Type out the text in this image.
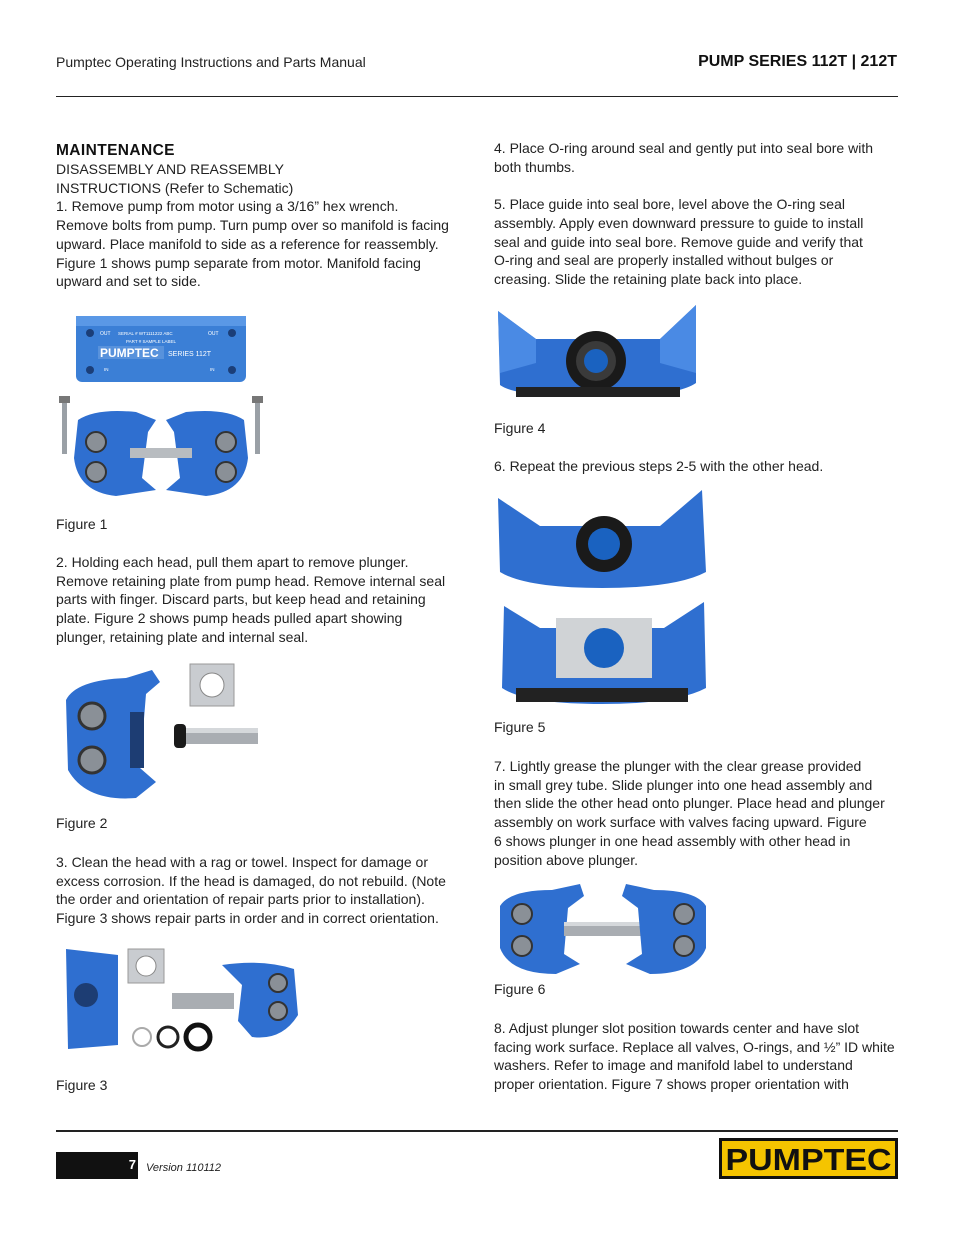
Pumptec Operating Instructions and Parts Manual	PUMP SERIES 112T | 212T

MAINTENANCE

DISASSEMBLY AND REASSEMBLY

INSTRUCTIONS (Refer to Schematic)

1. Remove pump from motor using a 3/16” hex wrench.

Remove bolts from pump. Turn pump over so manifold is facing

upward. Place manifold to side as a reference for reassembly.

Figure 1 shows pump separate from motor. Manifold facing

upward and set to side.

OUT SERIAL # WT1111222 ABC	OUT
PART # SAMPLE LABEL
PUMPTEC SERIES 112T
IN	IN
Figure 1

2. Holding each head, pull them apart to remove plunger.

Remove retaining plate from pump head. Remove internal seal

parts with finger. Discard parts, but keep head and retaining

plate. Figure 2 shows pump heads pulled apart showing

plunger, retaining plate and internal seal.

Figure 2

3. Clean the head with a rag or towel. Inspect for damage or

excess corrosion. If the head is damaged, do not rebuild. (Note

the order and orientation of repair parts prior to installation).

Figure 3 shows repair parts in order and in correct orientation.

Figure 3

4. Place O-ring around seal and gently put into seal bore with

both thumbs.

5. Place guide into seal bore, level above the O-ring seal

assembly. Apply even downward pressure to guide to install

seal and guide into seal bore. Remove guide and verify that

O-ring and seal are properly installed without bulges or

creasing. Slide the retaining plate back into place.

Figure 4

6. Repeat the previous steps 2-5 with the other head.

Figure 5

7. Lightly grease the plunger with the clear grease provided

in small grey tube. Slide plunger into one head assembly and

then slide the other head onto plunger. Place head and plunger

assembly on work surface with valves facing upward. Figure

6 shows plunger in one head assembly with other head in

position above plunger.

Figure 6

8. Adjust plunger slot position towards center and have slot

facing work surface. Replace all valves, O-rings, and ½” ID white

washers. Refer to image and manifold label to understand

proper orientation. Figure 7 shows proper orientation with

7 Version 110112	PUMPTEC
